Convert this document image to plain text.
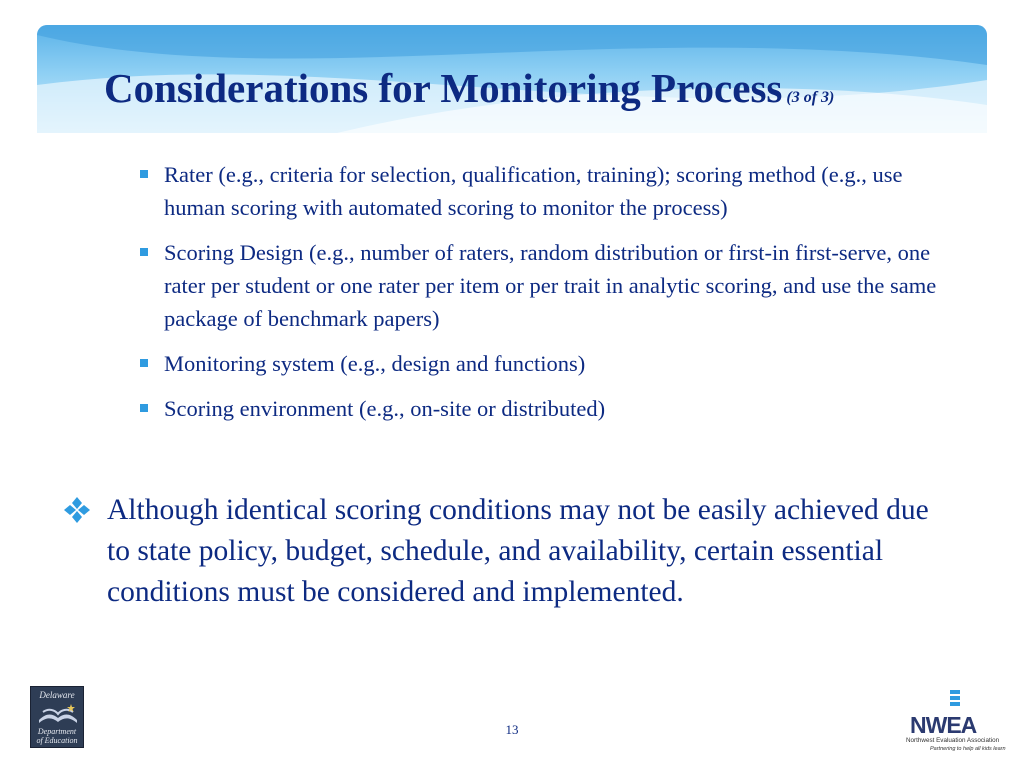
Considerations for Monitoring Process (3 of 3)
Rater (e.g., criteria for selection, qualification, training); scoring method (e.g., use human scoring with automated scoring to monitor the process)
Scoring Design (e.g., number of raters, random distribution or first-in first-serve, one rater per student or one rater per item or per trait in analytic scoring, and use the same package of benchmark papers)
Monitoring system (e.g., design and functions)
Scoring environment (e.g., on-site or distributed)
Although identical scoring conditions may not be easily achieved due to state policy, budget, schedule, and availability, certain essential conditions must be considered and implemented.
Delaware
Department
of Education
13	NWEA
Northwest Evaluation Association
Partnering to help all kids learn
